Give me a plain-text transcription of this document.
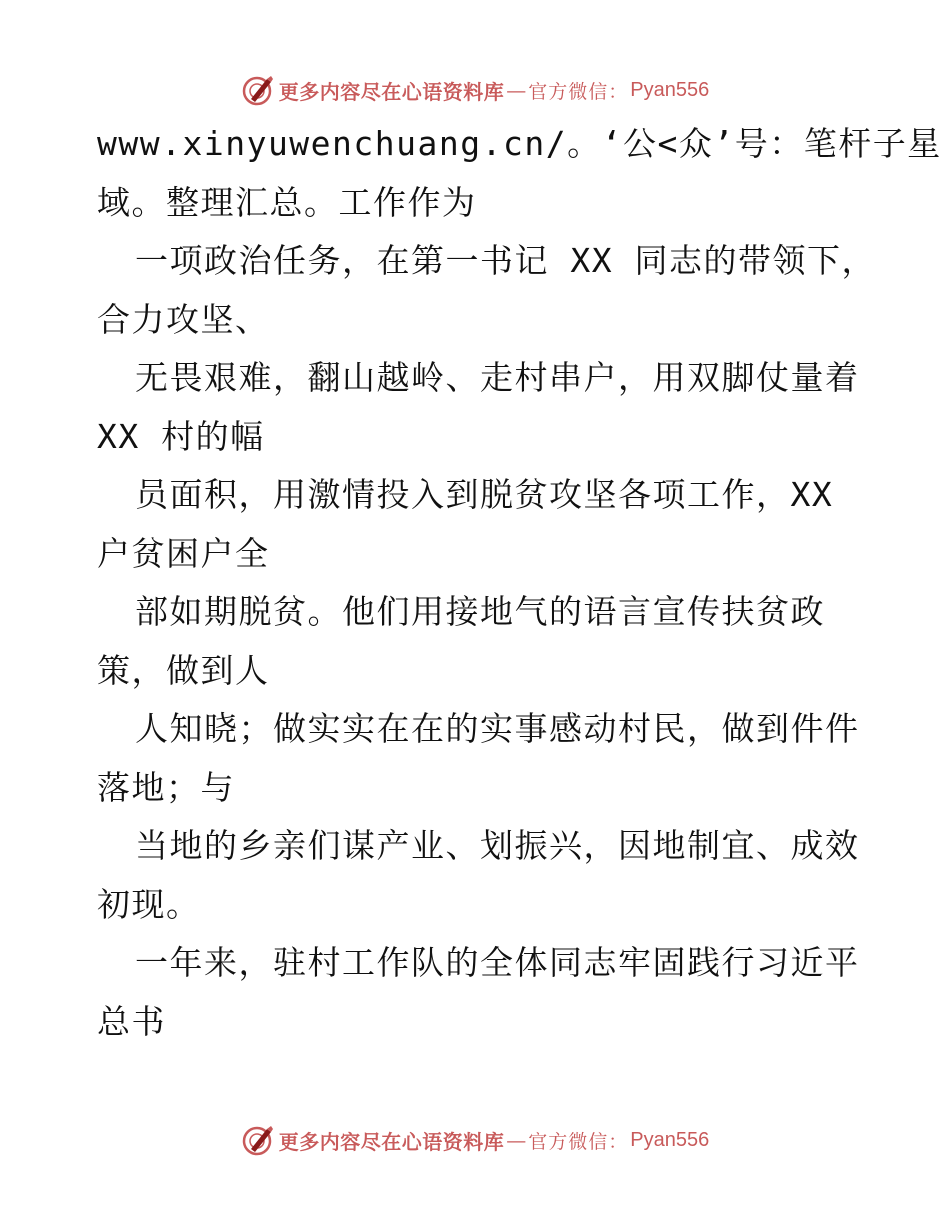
更多内容尽在心语资料库 — 官方微信： Pyan556
www.xinyuwenchuang.cn/。‘公<众’号：笔杆子星
域。整理汇总。工作作为
一项政治任务，在第一书记 XX 同志的带领下，
合力攻坚、
无畏艰难，翻山越岭、走村串户，用双脚仗量着
XX 村的幅
员面积，用激情投入到脱贫攻坚各项工作，XX
户贫困户全
部如期脱贫。他们用接地气的语言宣传扶贫政
策，做到人
人知晓；做实实在在的实事感动村民，做到件件
落地；与
当地的乡亲们谋产业、划振兴，因地制宜、成效
初现。
一年来，驻村工作队的全体同志牢固践行习近平
总书
更多内容尽在心语资料库 — 官方微信： Pyan556
